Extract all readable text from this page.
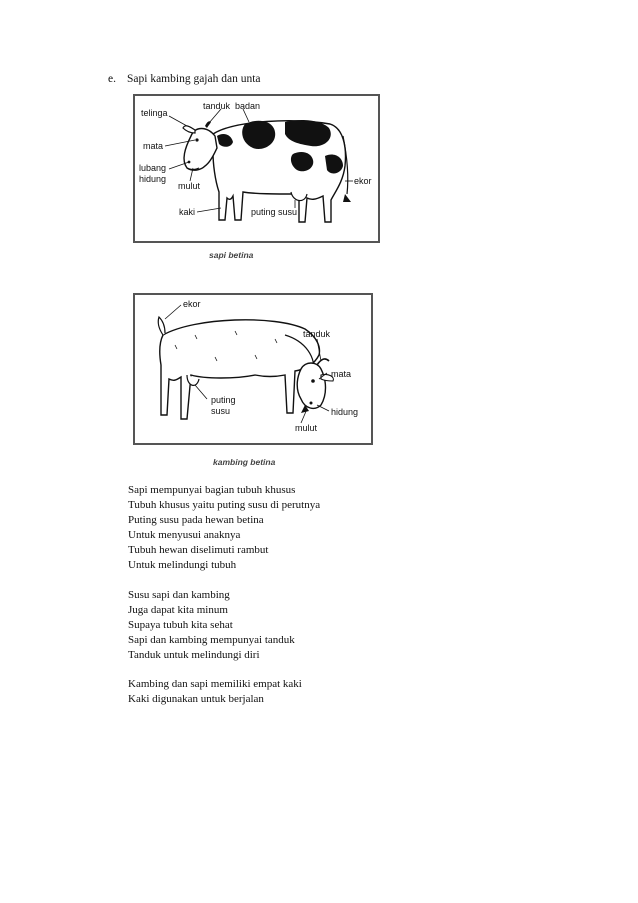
e. Sapi kambing gajah dan unta
telinga
tanduk badan
mata
lubang
hidung
mulut
kaki	puting susu
ekor
sapi betina
ekor
tanduk
mata
puting
susu	hidung
mulut
kambing betina
Sapi mempunyai bagian tubuh khusus
Tubuh khusus yaitu puting susu di perutnya
Puting susu pada hewan betina
Untuk menyusui anaknya
Tubuh hewan diselimuti rambut
Untuk melindungi tubuh
Susu sapi dan kambing
Juga dapat kita minum
Supaya tubuh kita sehat
Sapi dan kambing mempunyai tanduk
Tanduk untuk melindungi diri
Kambing dan sapi memiliki empat kaki
Kaki digunakan untuk berjalan
